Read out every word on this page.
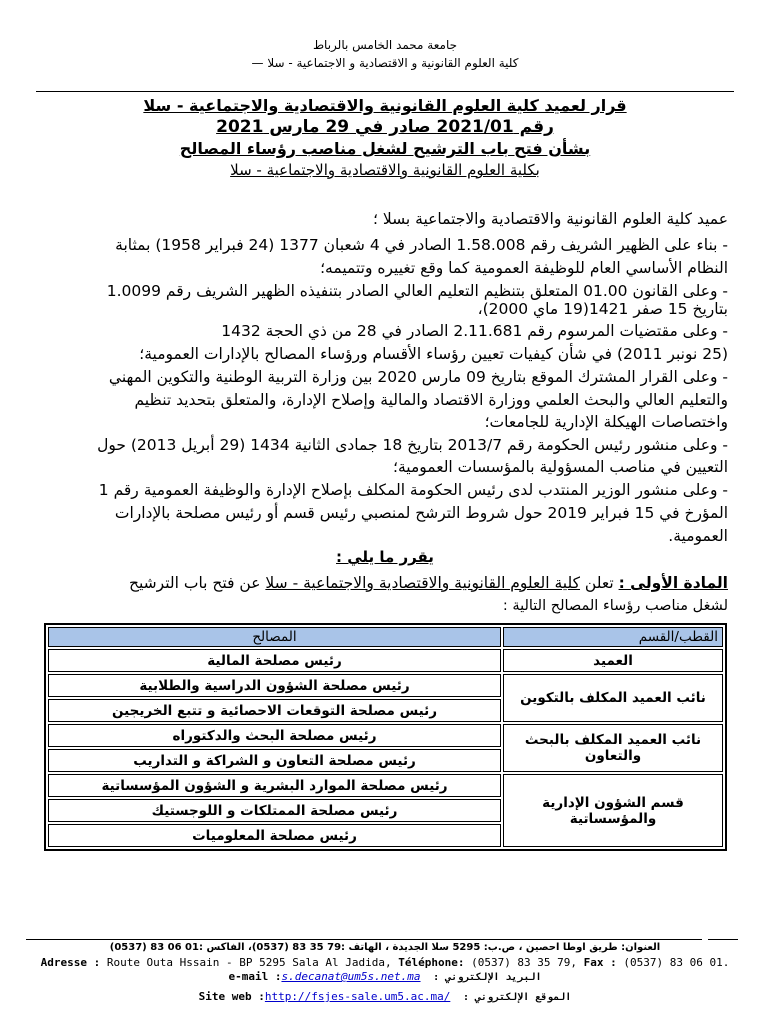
جامعة محمد الخامس بالرباط
كلية العلوم القانونية و الاقتصادية و الاجتماعية - سلا —
قرار لعميد كلية العلوم القانونية والاقتصادية والاجتماعية - سلا
رقم 2021/01 صادر في 29 مارس 2021
بشأن فتح باب الترشيح لشغل مناصب رؤساء المصالح
بكلية العلوم القانونية والاقتصادية والاجتماعية - سلا
عميد كلية العلوم القانونية والاقتصادية والاجتماعية بسلا ؛
- بناء على الظهير الشريف رقم 1.58.008 الصادر في 4 شعبان 1377 (24 فبراير 1958) بمثابة
النظام الأساسي العام للوظيفة العمومية كما وقع تغييره وتتميمه؛
- وعلى القانون 01.00 المتعلق بتنظيم التعليم العالي الصادر بتنفيذه الظهير الشريف رقم 1.0099
بتاريخ 15 صفر 1421(19 ماي 2000)،
- وعلى مقتضيات المرسوم رقم 2.11.681 الصادر في 28 من ذي الحجة 1432
(25 نونبر 2011) في شأن كيفيات تعيين رؤساء الأقسام ورؤساء المصالح بالإدارات العمومية؛
- وعلى القرار المشترك الموقع بتاريخ 09 مارس 2020 بين وزارة التربية الوطنية والتكوين المهني
والتعليم العالي والبحث العلمي ووزارة الاقتصاد والمالية وإصلاح الإدارة، والمتعلق بتحديد تنظيم
واختصاصات الهيكلة الإدارية للجامعات؛
- وعلى منشور رئيس الحكومة رقم 2013/7 بتاريخ 18 جمادى الثانية 1434 (29 أبريل 2013) حول
التعيين في مناصب المسؤولية بالمؤسسات العمومية؛
- وعلى منشور الوزير المنتدب لدى رئيس الحكومة المكلف بإصلاح الإدارة والوظيفة العمومية رقم 1
المؤرخ في 15 فبراير 2019 حول شروط الترشح لمنصبي رئيس قسم أو رئيس مصلحة بالإدارات
العمومية.
يقرر ما يلي :
المادة الأولى : تعلن كلية العلوم القانونية والاقتصادية والاجتماعية - سلا عن فتح باب الترشيح
لشغل مناصب رؤساء المصالح التالية :
القطب/القسم	المصالح
العميد	رئيس مصلحة المالية
نائب العميد المكلف بالتكوين	رئيس مصلحة الشؤون الدراسية والطلابية
	رئيس مصلحة التوقعات الاحصائية و تتبع الخريجين
نائب العميد المكلف بالبحث والتعاون	رئيس مصلحة البحث والدكتوراه
	رئيس مصلحة التعاون و الشراكة و التداريب
قسم الشؤون الإدارية والمؤسساتية	رئيس مصلحة الموارد البشرية و الشؤون المؤسساتية
	رئيس مصلحة الممتلكات و اللوجستيك
	رئيس مصلحة المعلوميات
العنوان: طريق اوطا احصين ، ص.ب: 5295 سلا الجديدة ، الهاتف :79 35 83 (0537)، الفاكس :01 06 83 (0537)
Adresse : Route Outa Hssain - BP 5295 Sala Al Jadida, Téléphone: (0537) 83 35 79, Fax : (0537) 83 06 01.
e-mail :s.decanat@um5s.net.ma البريد الإلكتروني :
Site web :http://fsjes-sale.um5.ac.ma/ الموقع الإلكتروني :
